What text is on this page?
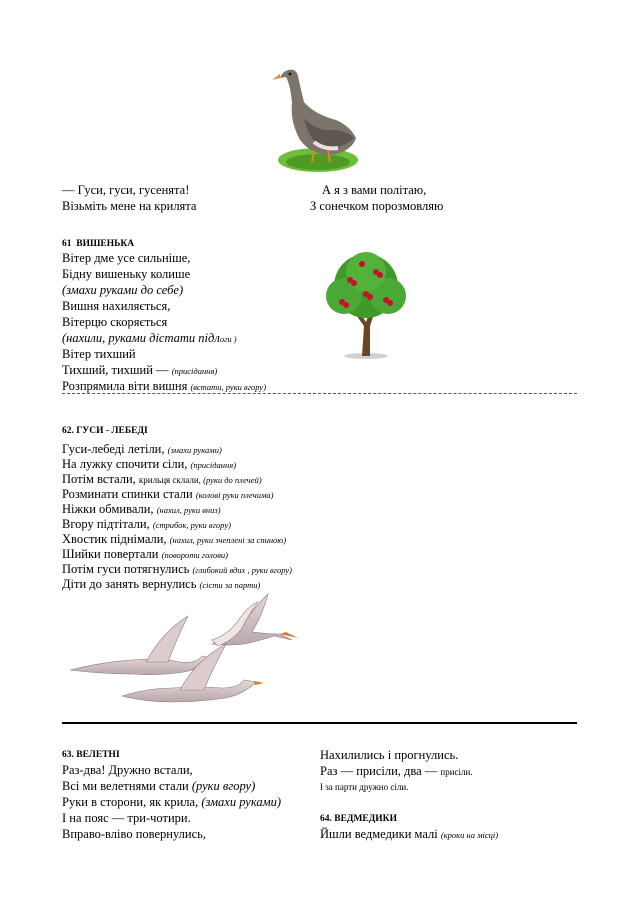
— Гуси, гуси, гусенята!
Візьміть мене на крилята
А я з вами політаю,
З сонечком порозмовляю
61 ВИШЕНЬКА
Вітер дме усе сильніше,
Бідну вишеньку колише
(змахи руками до себе)
Вишня нахиляється,
Вітерцю скоряється
(нахили, руками дістати підлоги )
Вітер тихший
Тихший, тихший — (присідання)
Розпрямила віти вишня (встати, руки вгору)
62. ГУСИ - ЛЕБЕДІ
Гуси-лебеді летіли, (змахи руками)
На лужку спочити сіли, (присідання)
Потім встали, крильця склали, (руки до плечей)
Розминати спинки стали (колові руки плечима)
Ніжки обмивали, (нахил, руки вниз)
Вгору підтітали, (стрибок, руки вгору)
Хвостик піднімали, (нахил, руки зчеплені за спиною)
Шийки повертали (повороти голови)
Потім гуси потягнулись (глибокий вдих , руки вгору)
Діти до занять вернулись (сісти за парти)
63. ВЕЛЕТНІ
Раз-два! Дружно встали,
Всі ми велетнями стали (руки вгору)
Руки в сторони, як крила, (змахи руками)
І на пояс — три-чотири.
Вправо-вліво повернулись,
Нахилились і прогнулись.
Раз — присіли, два — присіли.
І за парти дружно сіли.
64. ВЕДМЕДИКИ
Йшли ведмедики малі (кроки на місці)
